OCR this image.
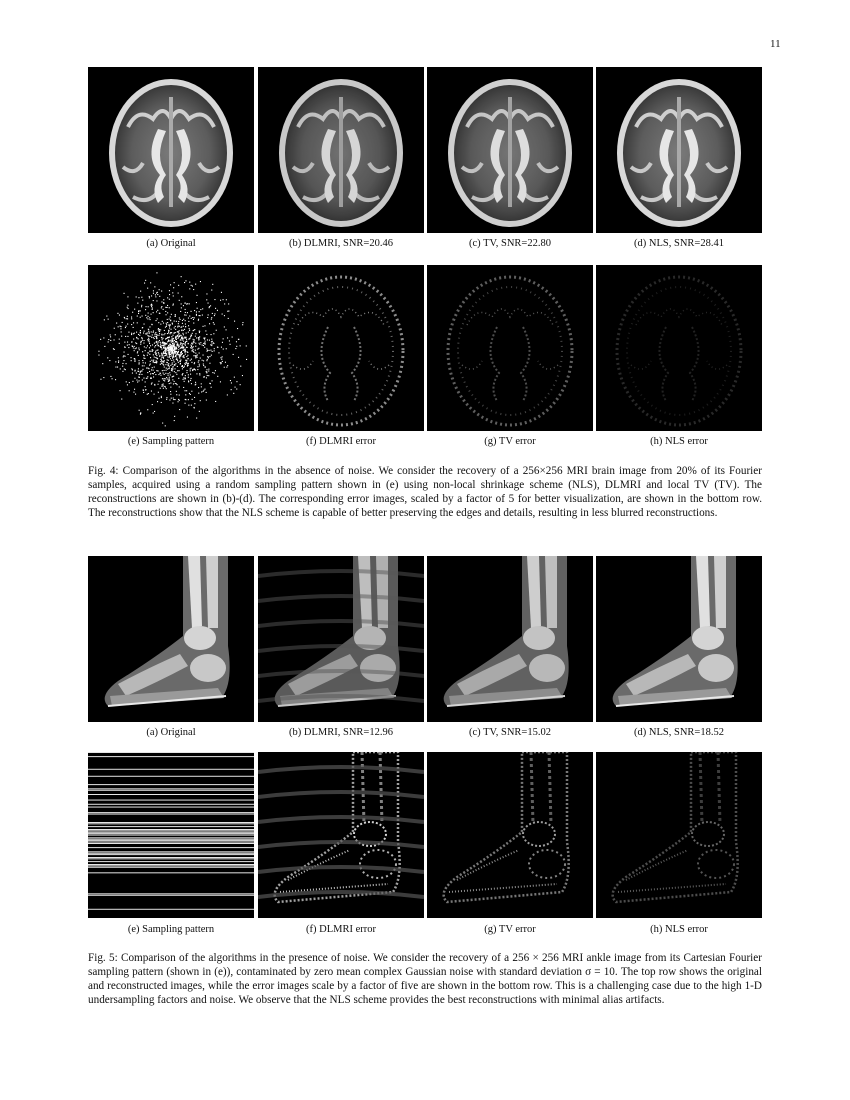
11
(a) Original	(b) DLMRI, SNR=20.46	(c) TV, SNR=22.80	(d) NLS, SNR=28.41
(e) Sampling pattern	(f) DLMRI error	(g) TV error	(h) NLS error
Fig. 4: Comparison of the algorithms in the absence of noise. We consider the recovery of a 256×256 MRI brain image from 20% of its Fourier samples, acquired using a random sampling pattern shown in (e) using non-local shrinkage scheme (NLS), DLMRI and local TV (TV). The reconstructions are shown in (b)-(d). The corresponding error images, scaled by a factor of 5 for better visualization, are shown in the bottom row. The reconstructions show that the NLS scheme is capable of better preserving the edges and details, resulting in less blurred reconstructions.
(a) Original	(b) DLMRI, SNR=12.96	(c) TV, SNR=15.02	(d) NLS, SNR=18.52
(e) Sampling pattern	(f) DLMRI error	(g) TV error	(h) NLS error
Fig. 5: Comparison of the algorithms in the presence of noise. We consider the recovery of a 256 × 256 MRI ankle image from its Cartesian Fourier sampling pattern (shown in (e)), contaminated by zero mean complex Gaussian noise with standard deviation σ = 10. The top row shows the original and reconstructed images, while the error images scale by a factor of five are shown in the bottom row. This is a challenging case due to the high 1-D undersampling factors and noise. We observe that the NLS scheme provides the best reconstructions with minimal alias artifacts.
